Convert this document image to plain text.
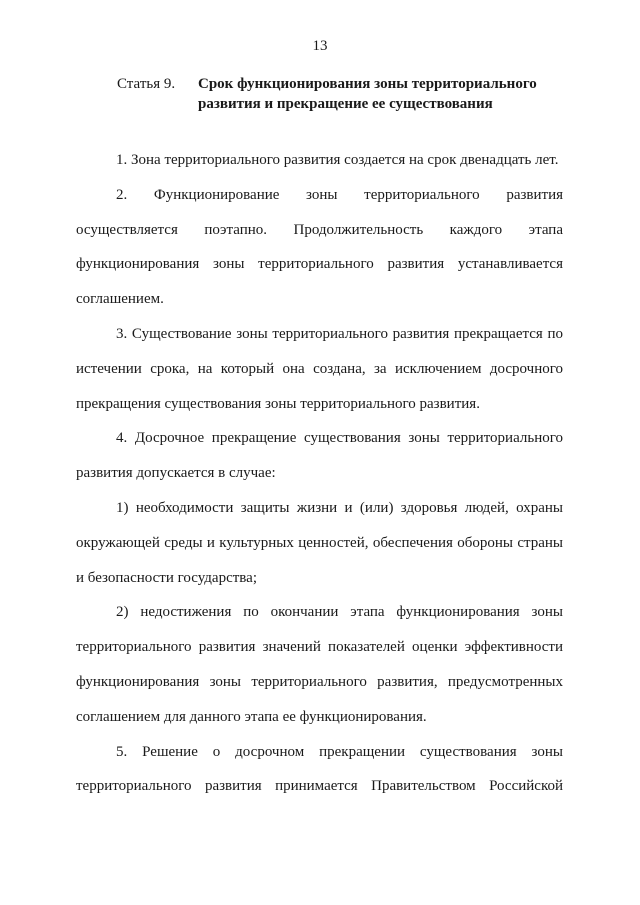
13
Статья 9.	Срок функционирования зоны территориального
развития и прекращение ее существования
1. Зона территориального развития создается на срок двенадцать лет.
2. Функционирование зоны территориального развития
осуществляется поэтапно. Продолжительность каждого этапа
функционирования зоны территориального развития устанавливается
соглашением.
3. Существование зоны территориального развития прекращается по
истечении срока, на который она создана, за исключением досрочного
прекращения существования зоны территориального развития.
4. Досрочное прекращение существования зоны территориального
развития допускается в случае:
1) необходимости защиты жизни и (или) здоровья людей, охраны
окружающей среды и культурных ценностей, обеспечения обороны страны
и безопасности государства;
2) недостижения по окончании этапа функционирования зоны
территориального развития значений показателей оценки эффективности
функционирования зоны территориального развития, предусмотренных
соглашением для данного этапа ее функционирования.
5. Решение о досрочном прекращении существования зоны
территориального развития принимается Правительством Российской
